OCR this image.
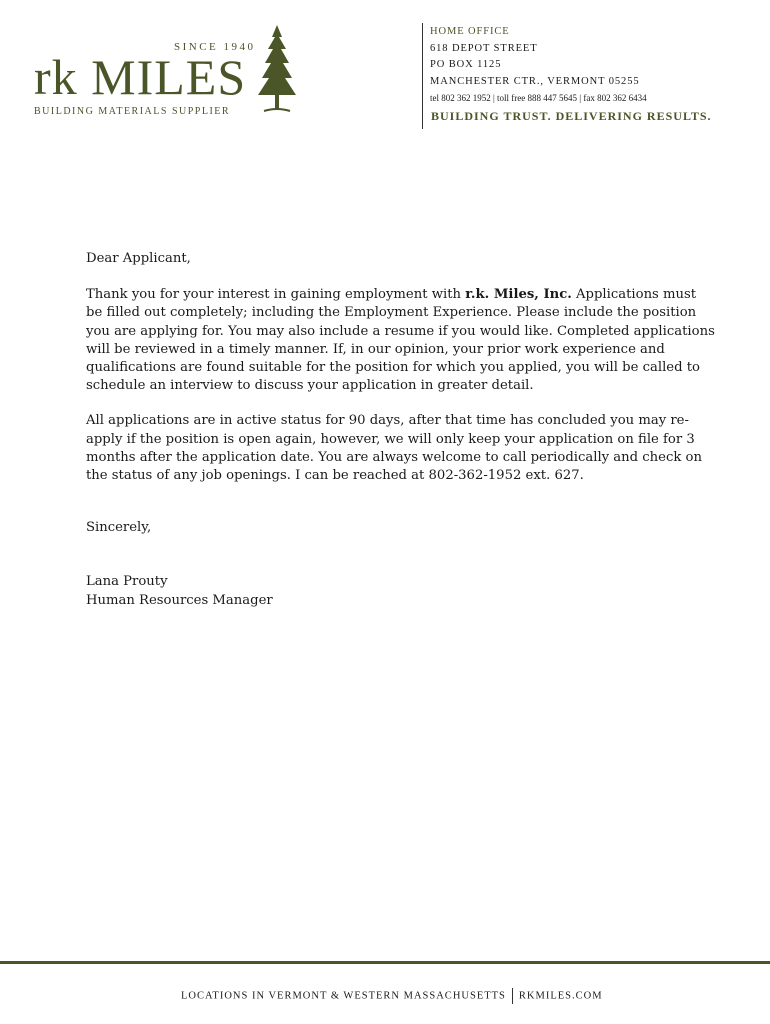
SINCE 1940
rk MILES
BUILDING MATERIALS SUPPLIER
HOME OFFICE
618 DEPOT STREET
PO BOX 1125
MANCHESTER CTR., VERMONT 05255
tel 802 362 1952 | toll free 888 447 5645 | fax 802 362 6434
BUILDING TRUST. DELIVERING RESULTS.

Dear Applicant,

Thank you for your interest in gaining employment with r.k. Miles, Inc. Applications must be filled out completely; including the Employment Experience. Please include the position you are applying for. You may also include a resume if you would like. Completed applications will be reviewed in a timely manner. If, in our opinion, your prior work experience and qualifications are found suitable for the position for which you applied, you will be called to schedule an interview to discuss your application in greater detail.

All applications are in active status for 90 days, after that time has concluded you may re-apply if the position is open again, however, we will only keep your application on file for 3 months after the application date. You are always welcome to call periodically and check on the status of any job openings. I can be reached at 802-362-1952 ext. 627.

Sincerely,

Lana Prouty

Human Resources Manager

LOCATIONS IN VERMONT & WESTERN MASSACHUSETTS RKMILES.COM
